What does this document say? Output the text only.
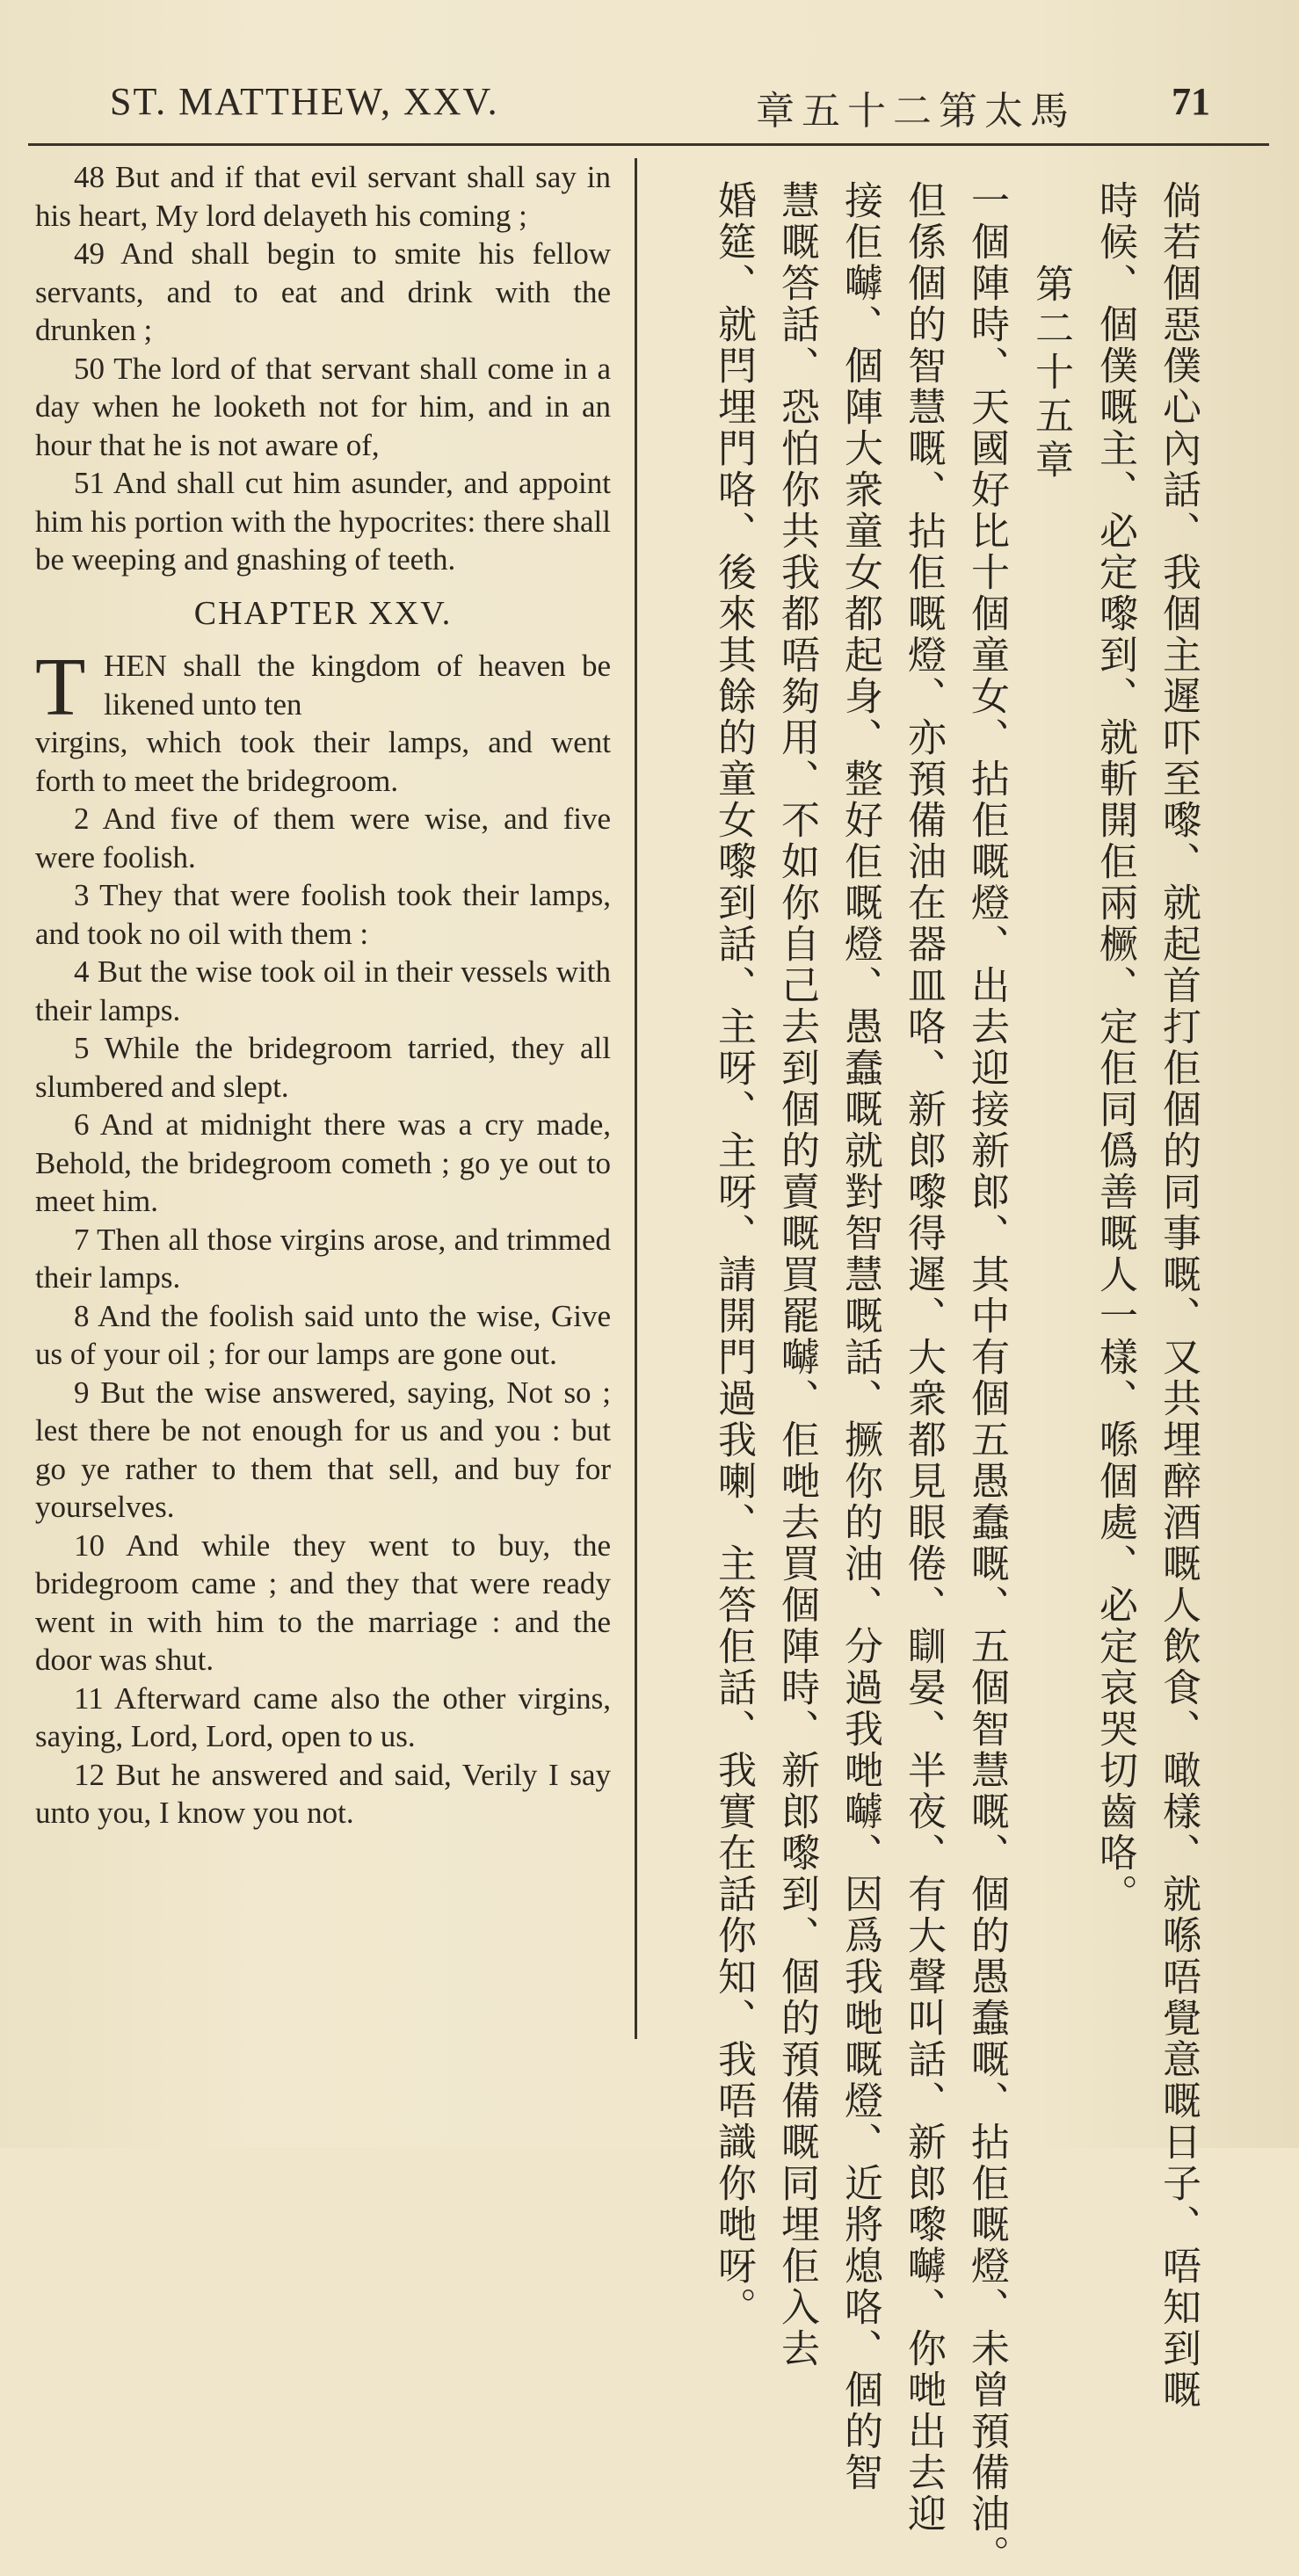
ST. MATTHEW, XXV.	章五十二第太馬 71

48 But and if that evil servant shall say in his heart, My lord delayeth his coming ;

49 And shall begin to smite his fellow servants, and to eat and drink with the drunken ;

50 The lord of that servant shall come in a day when he looketh not for him, and in an hour that he is not aware of,

51 And shall cut him asunder, and appoint him his portion with the hypocrites: there shall be weeping and gnashing of teeth.

CHAPTER XXV.

T HEN shall the kingdom of heaven be likened unto ten

virgins, which took their lamps, and went forth to meet the bridegroom.

2 And five of them were wise, and five were foolish.

3 They that were foolish took their lamps, and took no oil with them :

4 But the wise took oil in their vessels with their lamps.

5 While the bridegroom tarried, they all slumbered and slept.

6 And at midnight there was a cry made, Behold, the bridegroom cometh ; go ye out to meet him.

7 Then all those virgins arose, and trimmed their lamps.

8 And the foolish said unto the wise, Give us of your oil ; for our lamps are gone out.

9 But the wise answered, saying, Not so ; lest there be not enough for us and you : but go ye rather to them that sell, and buy for yourselves.

10 And while they went to buy, the bridegroom came ; and they that were ready went in with him to the marriage : and the door was shut.

11 Afterward came also the other virgins, saying, Lord, Lord, open to us.

12 But he answered and said, Verily I say unto you, I know you not.	倘若個惡僕心內話、我個主遲吓至嚟、就起首打佢個的同事嘅、又共埋醉酒嘅人飲食、噉樣、就喺唔覺意嘅日子、唔知到嘅
時候、個僕嘅主、必定嚟到、就斬開佢兩橛、定佢同僞善嘅人一樣、喺個處、必定哀哭切齒咯。
第二十五章
一個陣時、天國好比十個童女、拈佢嘅燈、出去迎接新郎、其中有個五愚蠢嘅、五個智慧嘅、個的愚蠢嘅、拈佢嘅燈、未曾預備油。
但係個的智慧嘅、拈佢嘅燈、亦預備油在器皿咯、新郎嚟得遲、大衆都見眼倦、瞓晏、半夜、有大聲叫話、新郎嚟嚹、你哋出去迎
接佢嚹、個陣大衆童女都起身、整好佢嘅燈、愚蠢嘅就對智慧嘅話、撅你的油、分過我哋嚹、因爲我哋嘅燈、近將熄咯、個的智
慧嘅答話、恐怕你共我都唔夠用、不如你自己去到個的賣嘅買罷嚹、佢哋去買個陣時、新郎嚟到、個的預備嘅同埋佢入去
婚筵、就閂埋門咯、後來其餘的童女嚟到話、主呀、主呀、請開門過我喇、主答佢話、我實在話你知、我唔識你哋呀。
